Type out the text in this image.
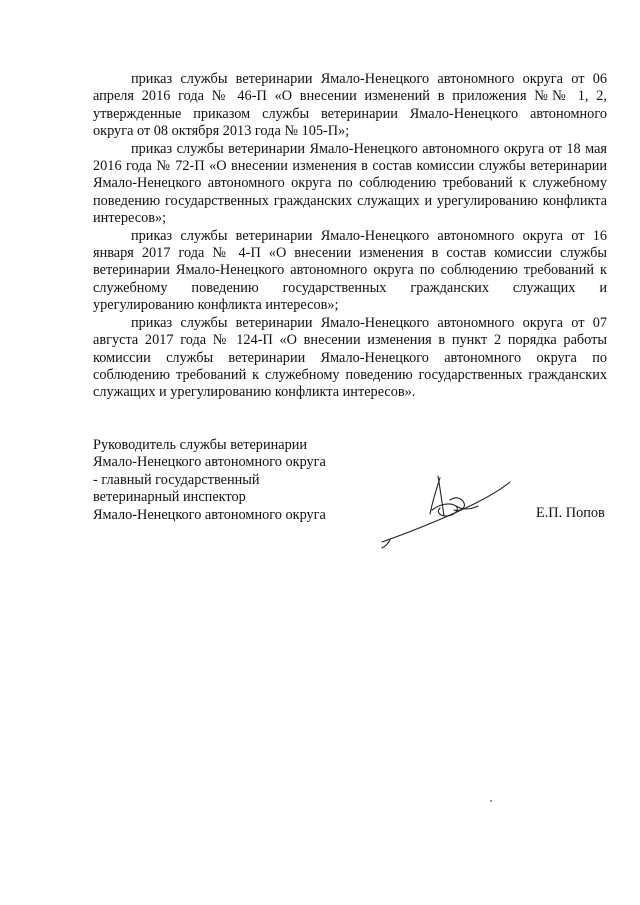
приказ службы ветеринарии Ямало-Ненецкого автономного округа от 06 апреля 2016 года № 46-П «О внесении изменений в приложения №№ 1, 2, утвержденные приказом службы ветеринарии Ямало-Ненецкого автономного округа от 08 октября 2013 года № 105-П»;

приказ службы ветеринарии Ямало-Ненецкого автономного округа от 18 мая 2016 года № 72-П «О внесении изменения в состав комиссии службы ветеринарии Ямало-Ненецкого автономного округа по соблюдению требований к служебному поведению государственных гражданских служащих и урегулированию конфликта интересов»;

приказ службы ветеринарии Ямало-Ненецкого автономного округа от 16 января 2017 года № 4-П «О внесении изменения в состав комиссии службы ветеринарии Ямало-Ненецкого автономного округа по соблюдению требований к служебному поведению государственных гражданских служащих и урегулированию конфликта интересов»;

приказ службы ветеринарии Ямало-Ненецкого автономного округа от 07 августа 2017 года № 124-П «О внесении изменения в пункт 2 порядка работы комиссии службы ветеринарии Ямало-Ненецкого автономного округа по соблюдению требований к служебному поведению государственных гражданских служащих и урегулированию конфликта интересов».

Руководитель службы ветеринарии

Ямало-Ненецкого автономного округа

- главный государственный

ветеринарный инспектор

Ямало-Ненецкого автономного округа	Е.П. Попов
